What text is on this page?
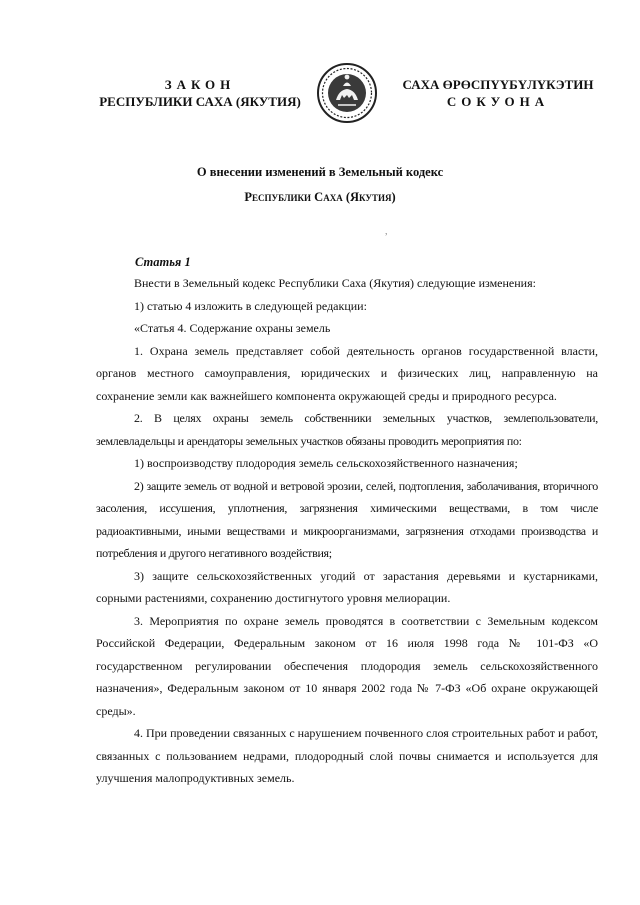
ЗАКОН
РЕСПУБЛИКИ САХА (ЯКУТИЯ)
САХА ӨРӨСПҮҮБҮЛҮКЭТИН
СОКУОНА
О внесении изменений в Земельный кодекс
Республики Саха (Якутия)
,
Статья 1

Внести в Земельный кодекс Республики Саха (Якутия) следующие изменения:

1) статью 4 изложить в следующей редакции:

«Статья 4. Содержание охраны земель

1. Охрана земель представляет собой деятельность органов государственной власти, органов местного самоуправления, юридических и физических лиц, направленную на сохранение земли как важнейшего компонента окружающей среды и природного ресурса.

2. В целях охраны земель собственники земельных участков, землепользователи, землевладельцы и арендаторы земельных участков обязаны проводить мероприятия по:

1) воспроизводству плодородия земель сельскохозяйственного назначения;

2) защите земель от водной и ветровой эрозии, селей, подтопления, заболачивания, вторичного засоления, иссушения, уплотнения, загрязнения химическими веществами, в том числе радиоактивными, иными веществами и микроорганизмами, загрязнения отходами производства и потребления и другого негативного воздействия;

3) защите сельскохозяйственных угодий от зарастания деревьями и кустарниками, сорными растениями, сохранению достигнутого уровня мелиорации.

3. Мероприятия по охране земель проводятся в соответствии с Земельным кодексом Российской Федерации, Федеральным законом от 16 июля 1998 года № 101-ФЗ «О государственном регулировании обеспечения плодородия земель сельскохозяйственного назначения», Федеральным законом от 10 января 2002 года № 7-ФЗ «Об охране окружающей среды».

4. При проведении связанных с нарушением почвенного слоя строительных работ и работ, связанных с пользованием недрами, плодородный слой почвы снимается и используется для улучшения малопродуктивных земель.
